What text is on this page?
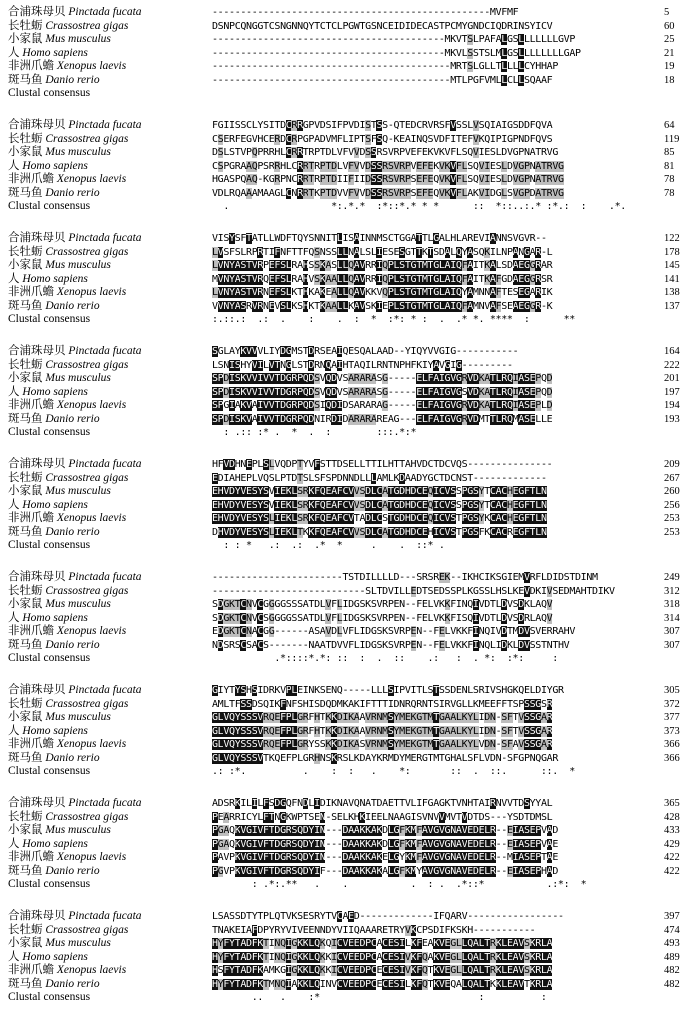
合浦珠母贝 Pinctada fucata
长牡蛎 Crassostrea gigas
小家鼠 Mus musculus
人 Homo sapiens
非洲爪蟾 Xenopus laevis
斑马鱼 Danio rerio
Clustal consensus
-------------------------------------------------MVFMF
DSNPCQNGGTCSNGNNQYTCTCLPGWTGSNCEIDIDECASTPCMYGNDCIQDRINSYICV
-----------------------------------------MKVTSLPAFALGSLLLLLLLGVP
-----------------------------------------MKVLSSTSLMLGSLLLLLLLLGAP
------------------------------------------MRTSLGLLTLLLLCYHHAP
------------------------------------------MTLPGFVMLLCLLSQAAF
5
60
25
21
19
18
合浦珠母贝 Pinctada fucata
长牡蛎 Crassostrea gigas
小家鼠 Mus musculus
人 Homo sapiens
非洲爪蟾 Xenopus laevis
斑马鱼 Danio rerio
Clustal consensus
FGIISSCLYSITDCRRGPVDSIFPVDISTSS-QTEDCRVRSFVSSLVSQIAIGSDDFQVA
CSERFEGVHCERDCRPGPADVMFLIPTSFSQ-KEAINQSVDFITEFVKQIPIGPNDFQVS
DSLSTVPQPRRHLCRRTRPTDLVFVVDSSRSVRPVEFEKVKVFLSQVIESLDVGPNATRVG
CSPGRAAQPSRRHLCRRTRPTDLVFVVDSSRSVRPVEFEKVKVFLSQVIESLDVGPNATRVG
HGASPQAQ-KGRPNCRRTRPTDIIFIIDSSRSVRPSEFEQVKVFLSQVIESLDVGPNATRVG
VDLRQAAAMAAGLCNRRTKPTDVVFVVDSSRSVRPSEFEQVKVFLAKVIDGLSVGPDATRVG
.                  *:.*.*  :*::*.* * *      ::  *::..:.* :*.:  :    .*.
64
119
85
81
78
78
合浦珠母贝 Pinctada fucata
长牡蛎 Crassostrea gigas
小家鼠 Mus musculus
人 Homo sapiens
非洲爪蟾 Xenopus laevis
斑马鱼 Danio rerio
Clustal consensus
VISYSFTATLLWDFTQYSNNITLISAINNMSCTGGATTLGALHLAREVIANNSVGVR--
LVSFSLRPRTIFNFTTFQSNSSLLNALSLIESESGTTKTSDALQYASQKILNPANGAR-L
LVNYASTVRPEFSLRAHSSKASLLQAVRRIQPLSTGTMTGLAIQFAITKALSDAEGGRAR
MVNYASTVRQEFSLRAHVSKAALLQAVRRIQPLSTGTMTGLAIQFAITKAFGDAEGGRSR
LVNYASTVRNEFSLKTHKAKEALLQAVKKVQPLSTGTMTGLAIQYAMNNAFTESEGARIK
VVNYASRVRNEVSLKSHKTKAALLKAVSKIEPLSTGTMTGLAIQFAMNVAFSEAEGGR-K
:.::.:  .:  .    :    .  :  *  :*: * :  .  .* *. ****  :      **
122
178
145
141
138
137
合浦珠母贝 Pinctada fucata
长牡蛎 Crassostrea gigas
小家鼠 Mus musculus
人 Homo sapiens
非洲爪蟾 Xenopus laevis
斑马鱼 Danio rerio
Clustal consensus
SGLAYKVVVLIYDGMSTDRSEAIQESQALAAD--YIQYVVGIG-----------
LSNISHYVILVTNGLSTDRNQAIHTAQILRNTNPHFKIYAVGIG---------
SPDISKVVIVVTDGRPQDSVQDVSARARASG-----ELFAIGVGRVDKATLRQIASEPQD
SPDISKVVIVVTDGRPQDSVQDVSARARASG-----ELFAIGVGSVDKATLRQIASEPQD
SPGIAKVAIVVTDGRPQDSIQDIDSARARAG-----ELFAIGVGRVDKATLRQIASEPLD
SPDISKVAIVVTDGRPQDNIRDIDARARAREAG---ELFAIGVGRVDMTTLRQMASELLE
: .:: :* .  *  .  :        :::.*:*
164
222
201
197
194
193
合浦珠母贝 Pinctada fucata
长牡蛎 Crassostrea gigas
小家鼠 Mus musculus
人 Homo sapiens
非洲爪蟾 Xenopus laevis
斑马鱼 Danio rerio
Clustal consensus
HFVDHNEPLSLVQDPTYVFSTTDSELLTTILHTTAHVDCTDCVQS---------------
EDIAHEPLVQSLPTDTSLSFSPDNNDLLLAMLKDAADYGCTDCNST-------------
EHVDYVESYSVIEKLSRKFQEAFCVVSDLCATGDHDCEQICVSSPGSYTCACHEGFTLN
EHVDYVESYSVIEKLSRKFQEAFCVVSDLCATGDHDCEQICVSSPGSYTCACHEGFTLN
EHVDYVESYSLIEKLSRKFQEAFCVTADLCSTGDHDCEQICVSTPGSYKCACHEGFTLN
DHVDYVESYSLIEKLTKKFQEAFCVVSDLCATGDHDCEHICVSTPGSFKCACREGFTLN
: : *   .:  .:  .*  *     .    .  ::* .
209
267
260
256
253
253
合浦珠母贝 Pinctada fucata
长牡蛎 Crassostrea gigas
小家鼠 Mus musculus
人 Homo sapiens
非洲爪蟾 Xenopus laevis
斑马鱼 Danio rerio
Clustal consensus
-----------------------TSTDILLLLD---SRSREK--IKHCIKSGIEMVRFLDIDSTDINM
---------------------------SLTDVILLEDTSEDSSPLKGSSLHSLKEVDKIVSEDMAHTDIKV
SDGKTCNVCGGGGSSSATDLVFLIDGSKSVRPEN--FELVKKFINQIVDTLDVSDKLAQV
SDGKTCNVCSGGGGSSATDLVFLIDGSKSVRPEN--FELVKKFISQIVDTLDVSDRLAQV
EDGKTCNACGG------ASAVDLVFLIDGSKSVRPEN--FELVKKFINQIVDTMDVSVERRAHV
NDSRSCSACS-------NAATDVVFLIDGSKSVRPEN--FELVKKFINQLIDKLDVSSTNTHV
.*::::*.*: ::  :  .  ::    .:   :  . *:  :*:     :
249
312
318
314
307
307
合浦珠母贝 Pinctada fucata
长牡蛎 Crassostrea gigas
小家鼠 Mus musculus
人 Homo sapiens
非洲爪蟾 Xenopus laevis
斑马鱼 Danio rerio
Clustal consensus
GIYTYSHSIDRKVPLEINKSENQ-----LLLSIPVITLSTSSDENLSRIVSHGKQELDIYGR
AMLTFSSDSQIKFNFSHISDQDMKAKIFTTTIDNRQRNTSIRVGLLKMEEFFTSPSSGSR
GLVQYSSSVRQEFPLGRFHTKKDIKAAVRNMSYMEKGTMTGAALKYLIDN-SFTVSSGAR
GLVQYSSSVRQEFPLGRFHTKKDIKAAVRNMSYMEKGTMTGAALKYLIDN-SFTVSSGAR
GLVQYSSSVRQEFPLGRYSSKKDIKASVRNMSYMEKGTMTGAALKYLVDN-SFAVSSGAR
GLVQYSSSVTKQEFPLGRHNSKRSLKDAYKRMDYMERGTMTGHALSFLVDN-SFGPNQGAR
.: :*.          .    :  :   .    *:       ::  .  ::.      ::.  *
305
372
377
373
366
366
合浦珠母贝 Pinctada fucata
长牡蛎 Crassostrea gigas
小家鼠 Mus musculus
人 Homo sapiens
非洲爪蟾 Xenopus laevis
斑马鱼 Danio rerio
Clustal consensus
ADSRKILILFSDGQFNDLIDIKNAVQNATDAETTVLIFGAGKTVNHTAIRNVVTDSYYAL
PEARRICYLFTNGKWPTSEN-SELKHKIEELNAAGISVNVVMVTVDTDS---YSDTDMSL
PGAQKVGIVFTDGRSQDYIN---DAAKKAKDLGFKMFAVGVGNAVEDELR--EIASEPVAD
PGAQKVGIVFTDGRSQDYIN---DAAKKAKDLGFKMFAVGVGNAVEDELR--EIASEPVAE
PAVPKVGIVFTDGRSQDYIN---DAAKKAKELGYKMFAVGVGNAVEDELR--MIASEPTAE
PGVPKVGIVFTDGRSQDYIF---DAAKKAKALGFKMYAVGVGNAVEDELR--EIASEPHAD
: .*:.**   .    .           .  : .  .*::*           .:*:  *
365
428
433
429
422
422
合浦珠母贝 Pinctada fucata
长牡蛎 Crassostrea gigas
小家鼠 Mus musculus
人 Homo sapiens
非洲爪蟾 Xenopus laevis
斑马鱼 Danio rerio
Clustal consensus
LSASSDTYTPLQTVKSESRYTVCAED-------------IFQARV-----------------
TNAKEIAFDPYRYVIVEENNDYVIIQAAARETRYVKCPSDIFKSKH-----------
HYFYTADFKTINQIGKKLQKQICVEEDPCACESILKFEAKVEGLLQALTRKLEAVSKRLA
HYFYTADFKTINQIGKKLQKKICVEEDPCACESIVKFQAKVEGLLQALTRKLEAVSKRLA
HSFYTADFKAMKGIGKKLQKKICVEEDPCECESIVKFQTKVEGLLQALTRKLEAVSKRLA
HYFYTADFKTMNQIAKKLQINVCVEEDPCECESILKFQTKVEQALQALTKKLEAVTKRLA
..   .    :*                            :          :
397
474
493
489
482
482
